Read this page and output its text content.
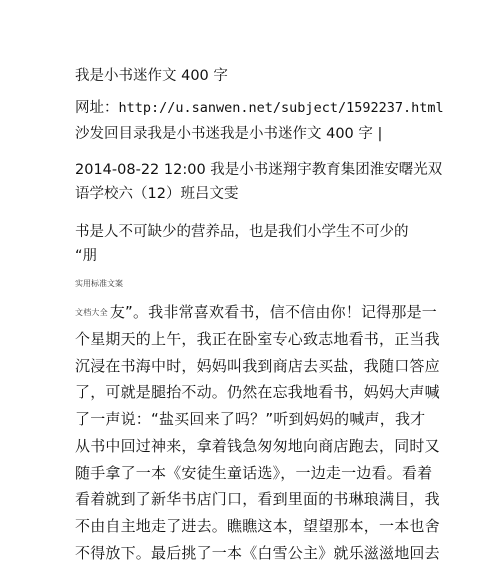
我是小书迷作文 400 字
网址：http://u.sanwen.net/subject/1592237.html
沙发回目录我是小书迷我是小书迷作文 400 字 |
2014-08-22 12:00 我是小书迷翔宇教育集团淮安曙光双
语学校六（12）班吕文雯
书是人不可缺少的营养品，也是我们小学生不可少的
“朋
实用标准文案
文档大全 友”。我非常喜欢看书，信不信由你！记得那是一
个星期天的上午，我正在卧室专心致志地看书，正当我
沉浸在书海中时，妈妈叫我到商店去买盐，我随口答应
了，可就是腿抬不动。仍然在忘我地看书，妈妈大声喊
了一声说：“盐买回来了吗？”听到妈妈的喊声，我才
从书中回过神来，拿着钱急匆匆地向商店跑去，同时又
随手拿了一本《安徒生童话选》，一边走一边看。看着
看着就到了新华书店门口，看到里面的书琳琅满目，我
不由自主地走了进去。瞧瞧这本，望望那本，一本也舍
不得放下。最后挑了一本《白雪公主》就乐滋滋地回去
